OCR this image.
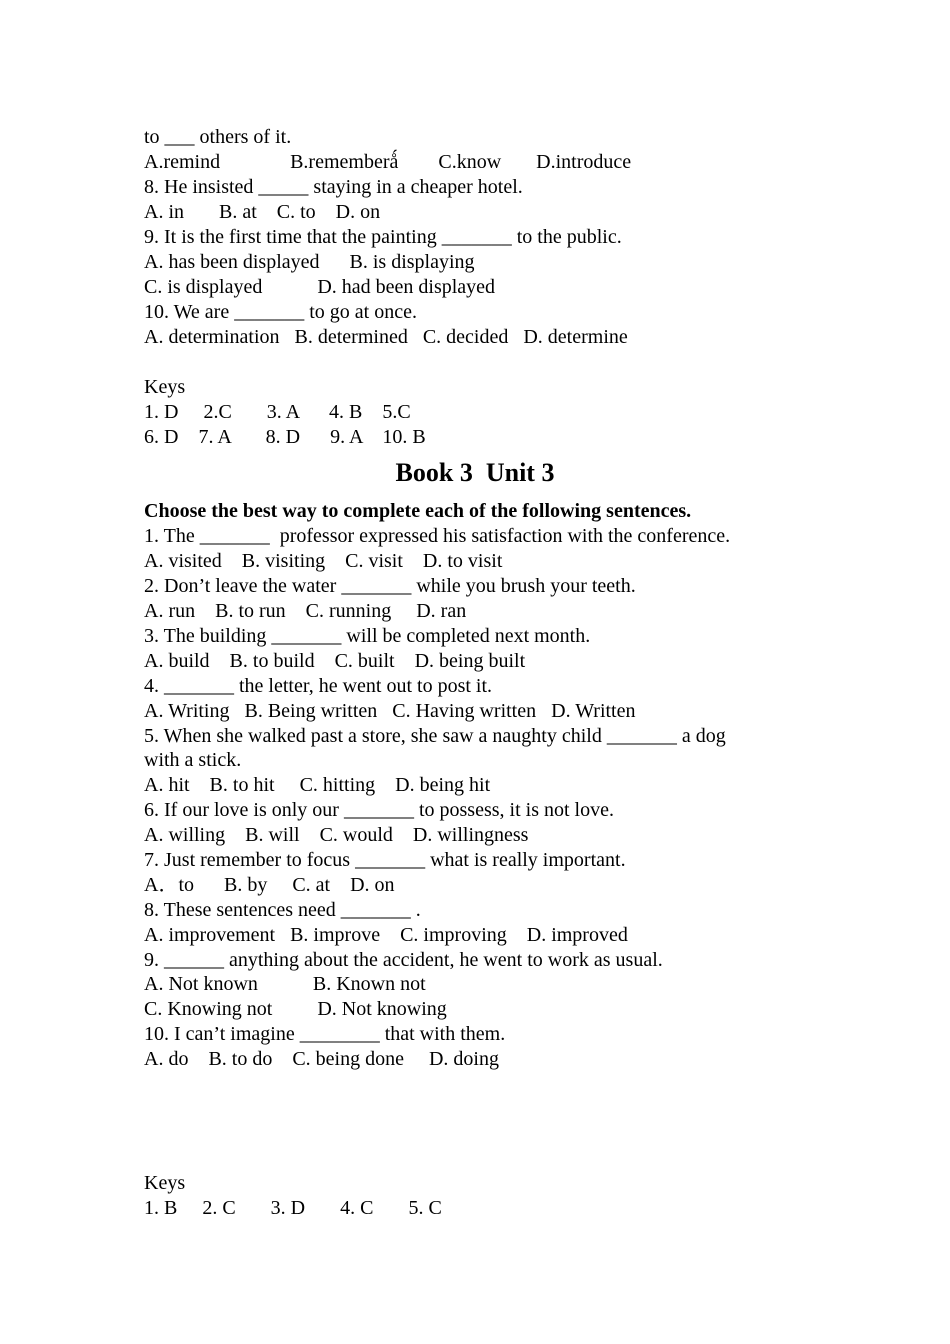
to ___ others of it.

A.remind              B.rememberǻ        C.know       D.introduce

8. He insisted _____ staying in a cheaper hotel.

A. in       B. at    C. to    D. on

9. It is the first time that the painting _______ to the public.

A. has been displayed      B. is displaying

C. is displayed           D. had been displayed

10. We are _______ to go at once.

A. determination   B. determined   C. decided   D. determine

Keys

1. D     2.C       3. A      4. B    5.C

6. D    7. A       8. D      9. A    10. B

Book 3  Unit 3

Choose the best way to complete each of the following sentences.

1. The _______  professor expressed his satisfaction with the conference.

A. visited    B. visiting    C. visit    D. to visit

2. Don’t leave the water _______ while you brush your teeth.

A. run    B. to run    C. running     D. ran

3. The building _______ will be completed next month.

A. build    B. to build    C. built    D. being built

4. _______ the letter, he went out to post it.

A. Writing   B. Being written   C. Having written   D. Written

5. When she walked past a store, she saw a naughty child _______ a dog

with a stick.

A. hit    B. to hit     C. hitting    D. being hit

6. If our love is only our _______ to possess, it is not love.

A. willing    B. will    C. would    D. willingness

7. Just remember to focus _______ what is really important.

A．to      B. by     C. at    D. on

8. These sentences need _______ .

A. improvement   B. improve    C. improving    D. improved

9. ______ anything about the accident, he went to work as usual.

A. Not known           B. Known not

C. Knowing not         D. Not knowing

10. I can’t imagine ________ that with them.

A. do    B. to do    C. being done     D. doing

Keys

1. B     2. C       3. D       4. C       5. C
